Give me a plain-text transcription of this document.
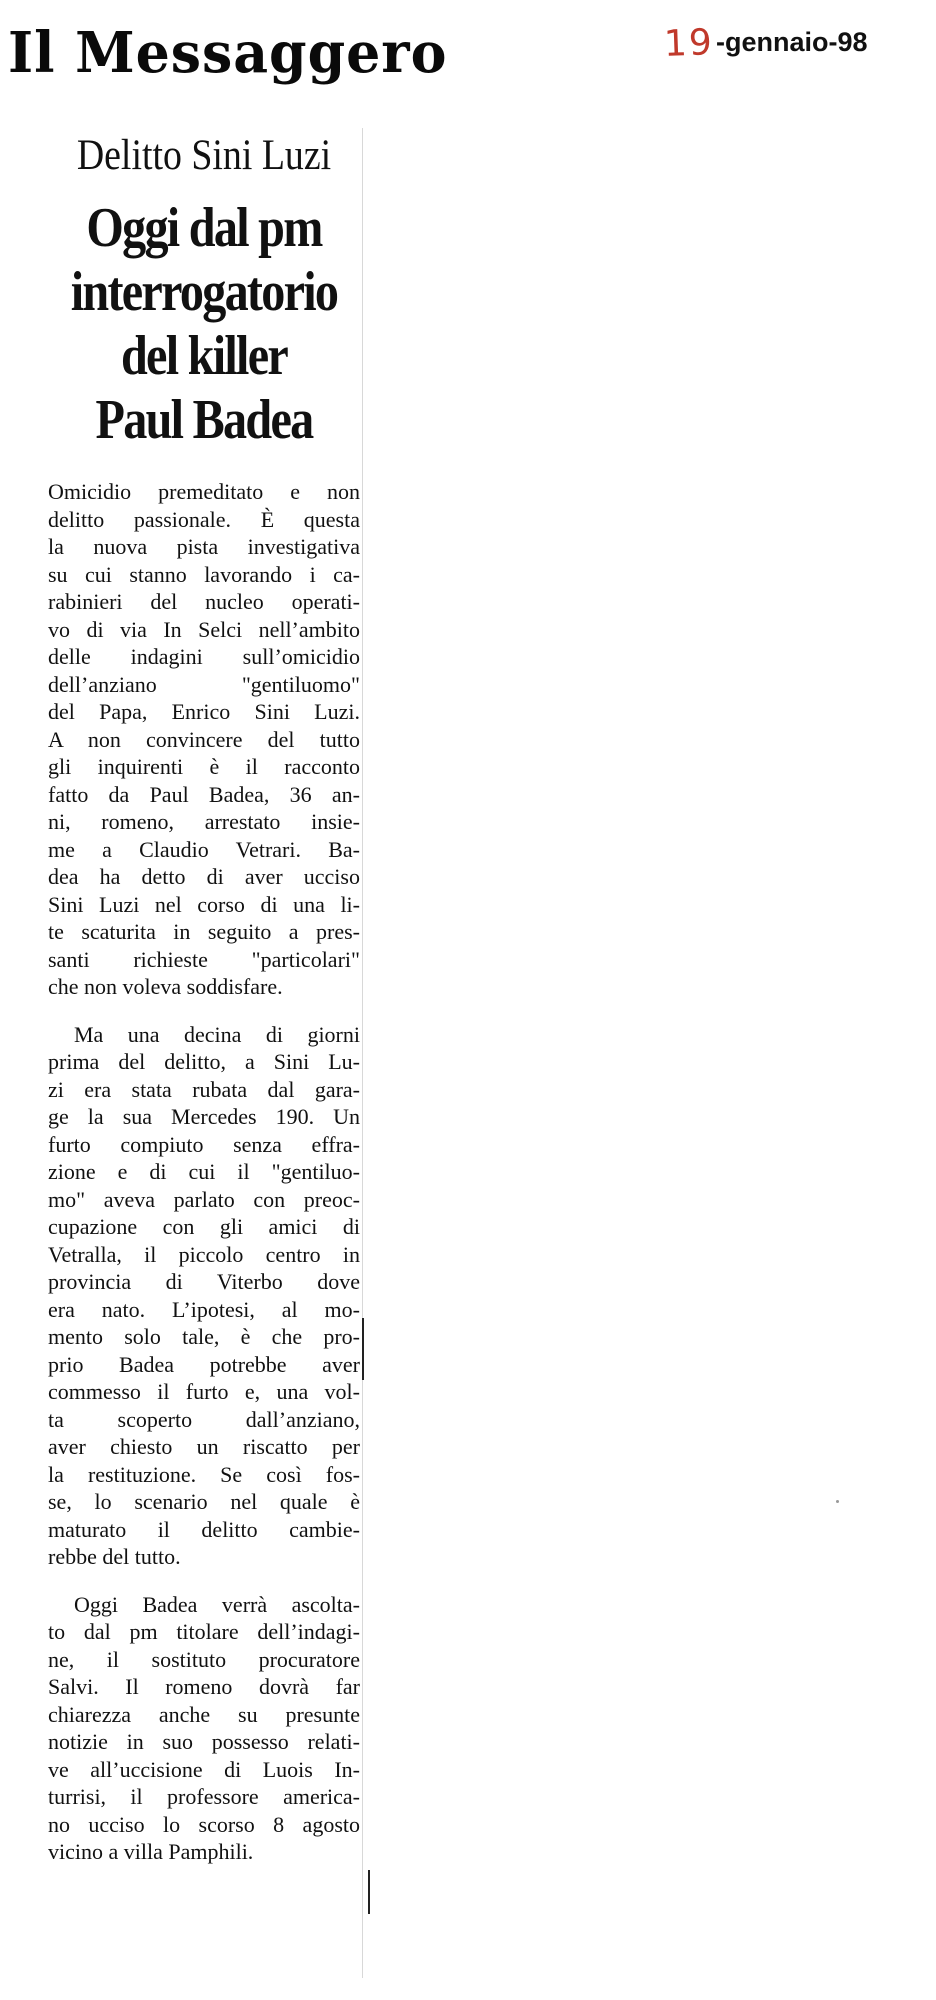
Il Messaggero	19 -gennaio-98
Delitto Sini Luzi
Oggi dal pm
interrogatorio
del killer
Paul Badea
Omicidio premeditato e non
delitto passionale. È questa
la nuova pista investigativa
su cui stanno lavorando i ca-
rabinieri del nucleo operati-
vo di via In Selci nell’ambito
delle indagini sull’omicidio
dell’anziano "gentiluomo"
del Papa, Enrico Sini Luzi.
A non convincere del tutto
gli inquirenti è il racconto
fatto da Paul Badea, 36 an-
ni, romeno, arrestato insie-
me a Claudio Vetrari. Ba-
dea ha detto di aver ucciso
Sini Luzi nel corso di una li-
te scaturita in seguito a pres-
santi richieste "particolari"
che non voleva soddisfare.
Ma una decina di giorni
prima del delitto, a Sini Lu-
zi era stata rubata dal gara-
ge la sua Mercedes 190. Un
furto compiuto senza effra-
zione e di cui il "gentiluo-
mo" aveva parlato con preoc-
cupazione con gli amici di
Vetralla, il piccolo centro in
provincia di Viterbo dove
era nato. L’ipotesi, al mo-
mento solo tale, è che pro-
prio Badea potrebbe aver
commesso il furto e, una vol-
ta scoperto dall’anziano,
aver chiesto un riscatto per
la restituzione. Se così fos-
se, lo scenario nel quale è
maturato il delitto cambie-
rebbe del tutto.
Oggi Badea verrà ascolta-
to dal pm titolare dell’indagi-
ne, il sostituto procuratore
Salvi. Il romeno dovrà far
chiarezza anche su presunte
notizie in suo possesso relati-
ve all’uccisione di Luois In-
turrisi, il professore america-
no ucciso lo scorso 8 agosto
vicino a villa Pamphili.
